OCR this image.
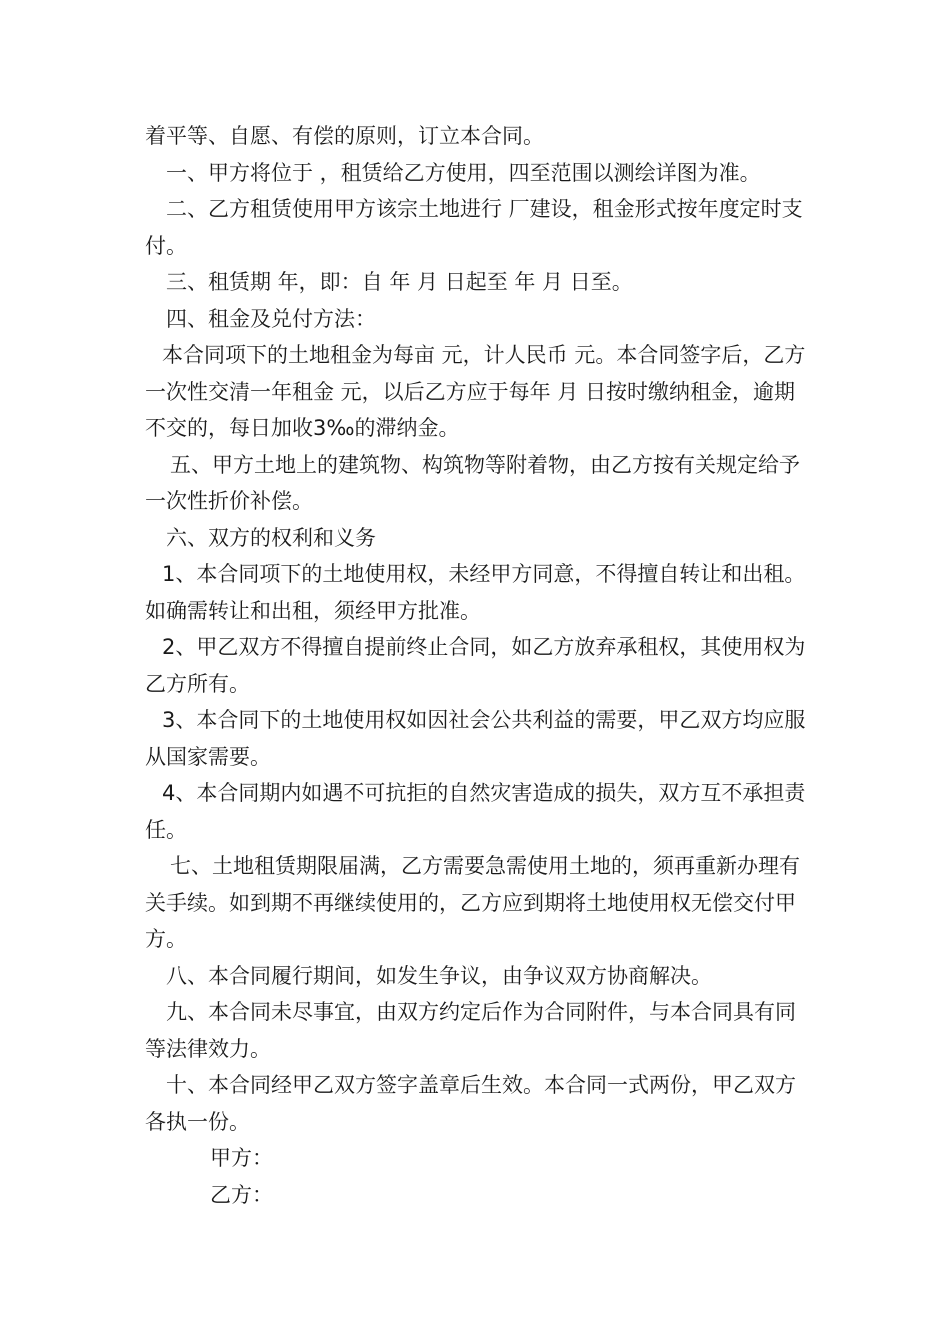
着平等、自愿、有偿的原则，订立本合同。

一、甲方将位于 ，租赁给乙方使用，四至范围以测绘详图为准。

二、乙方租赁使用甲方该宗土地进行 厂建设，租金形式按年度定时支付。

三、租赁期 年，即：自 年 月 日起至 年 月 日至。

四、租金及兑付方法：

本合同项下的土地租金为每亩 元，计人民币 元。本合同签字后，乙方一次性交清一年租金 元，以后乙方应于每年 月 日按时缴纳租金，逾期不交的，每日加收3‰的滞纳金。

五、甲方土地上的建筑物、构筑物等附着物，由乙方按有关规定给予一次性折价补偿。

六、双方的权利和义务

1、本合同项下的土地使用权，未经甲方同意，不得擅自转让和出租。如确需转让和出租，须经甲方批准。

2、甲乙双方不得擅自提前终止合同，如乙方放弃承租权，其使用权为乙方所有。

3、本合同下的土地使用权如因社会公共利益的需要，甲乙双方均应服从国家需要。

4、本合同期内如遇不可抗拒的自然灾害造成的损失，双方互不承担责任。

七、土地租赁期限届满，乙方需要急需使用土地的，须再重新办理有关手续。如到期不再继续使用的，乙方应到期将土地使用权无偿交付甲方。

八、本合同履行期间，如发生争议，由争议双方协商解决。

九、本合同未尽事宜，由双方约定后作为合同附件，与本合同具有同等法律效力。

十、本合同经甲乙双方签字盖章后生效。本合同一式两份，甲乙双方各执一份。

甲方：

乙方：
